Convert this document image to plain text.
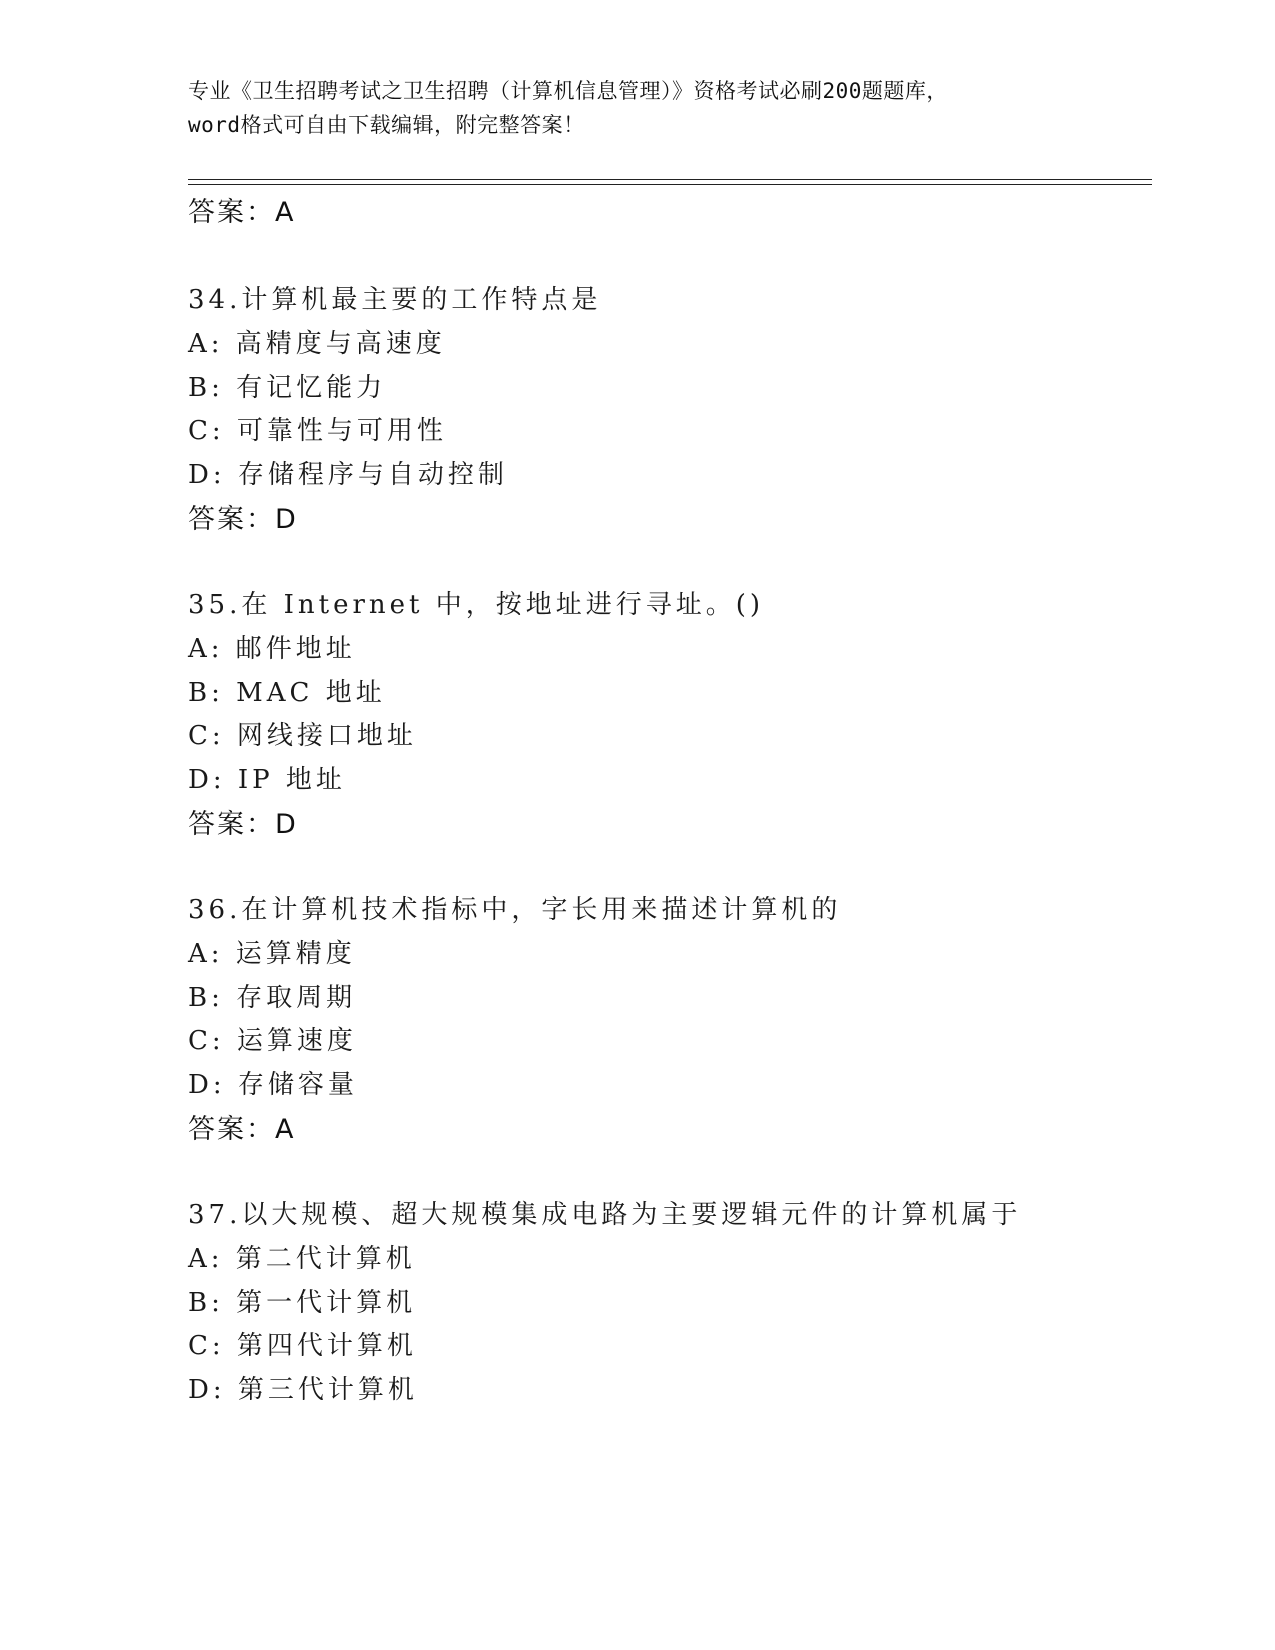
专业《卫生招聘考试之卫生招聘（计算机信息管理）》资格考试必刷200题题库，
word格式可自由下载编辑，附完整答案！
答案：A
34.计算机最主要的工作特点是
A: 高精度与高速度
B: 有记忆能力
C: 可靠性与可用性
D: 存储程序与自动控制
答案：D
35.在 Internet 中，按地址进行寻址。()
A: 邮件地址
B: MAC 地址
C: 网线接口地址
D: IP 地址
答案：D
36.在计算机技术指标中，字长用来描述计算机的
A: 运算精度
B: 存取周期
C: 运算速度
D: 存储容量
答案：A
37.以大规模、超大规模集成电路为主要逻辑元件的计算机属于
A: 第二代计算机
B: 第一代计算机
C: 第四代计算机
D: 第三代计算机
